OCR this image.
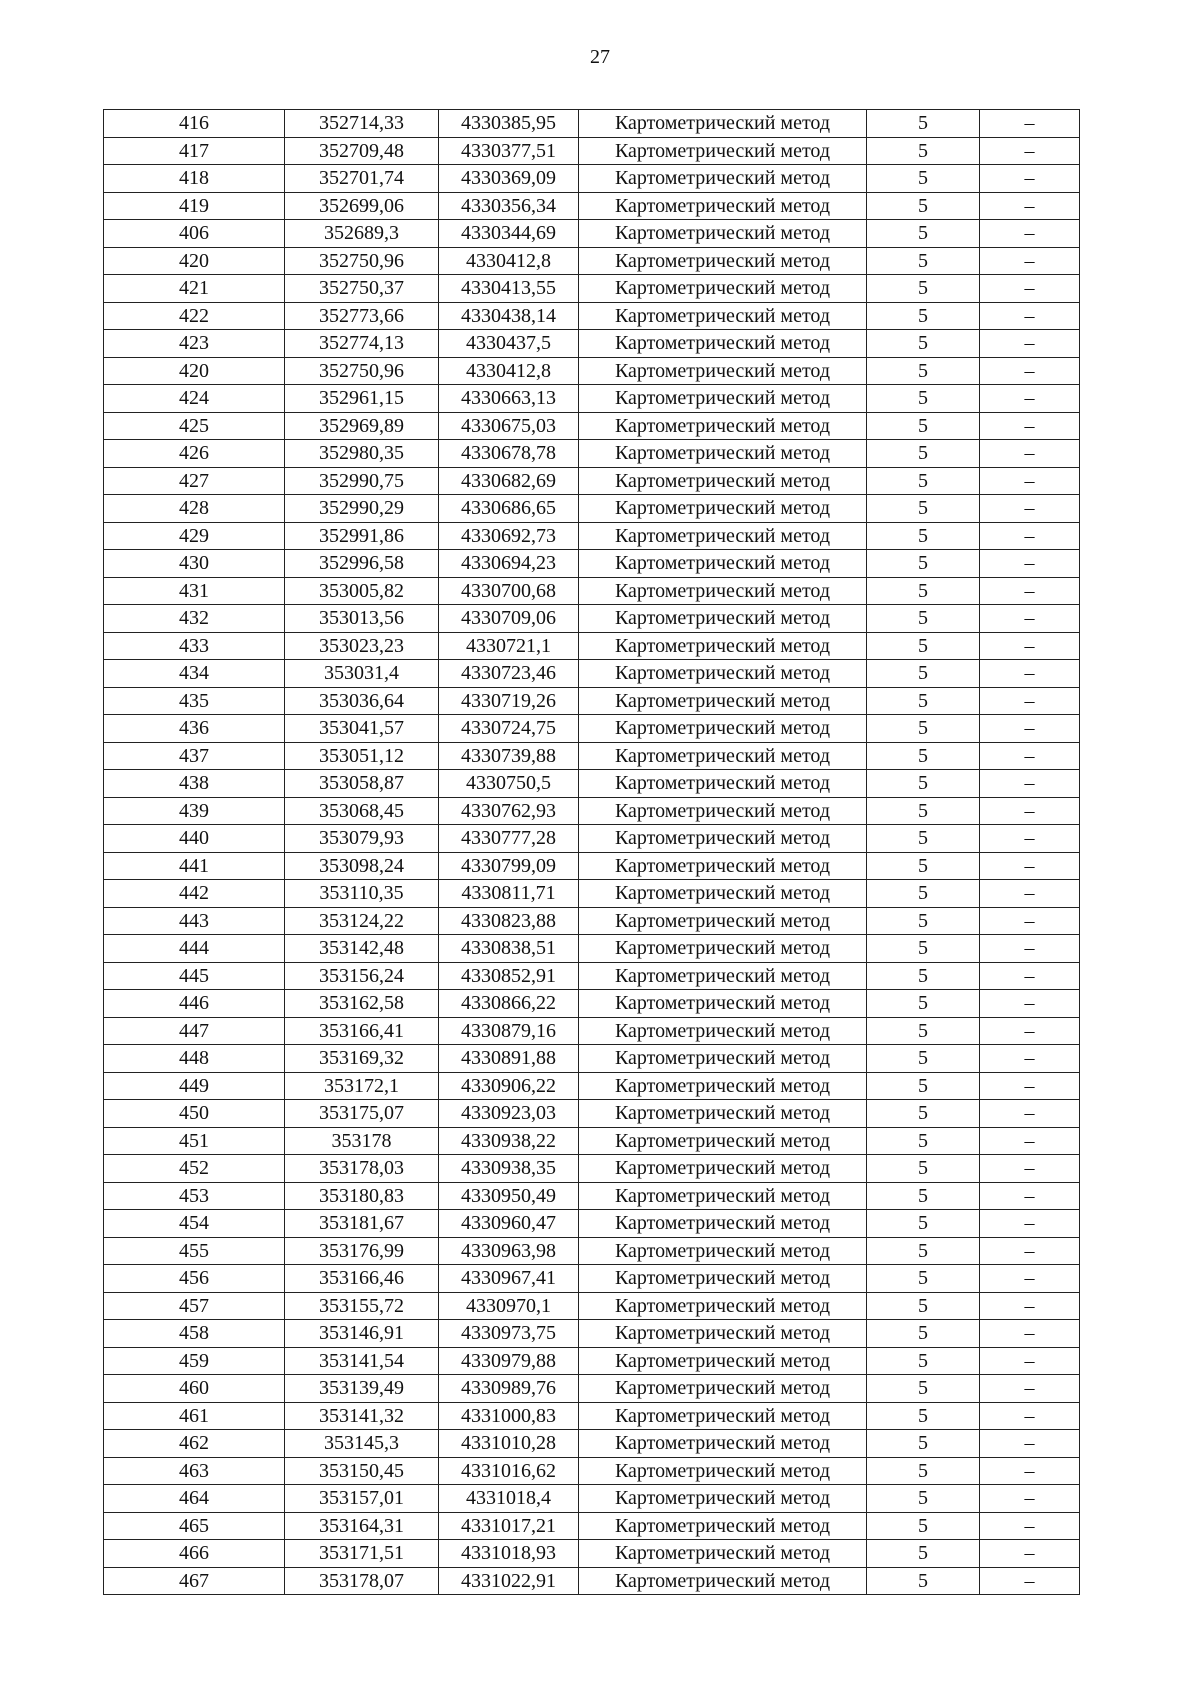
27
416	352714,33	4330385,95	Картометрический метод	5	–
417	352709,48	4330377,51	Картометрический метод	5	–
418	352701,74	4330369,09	Картометрический метод	5	–
419	352699,06	4330356,34	Картометрический метод	5	–
406	352689,3	4330344,69	Картометрический метод	5	–
420	352750,96	4330412,8	Картометрический метод	5	–
421	352750,37	4330413,55	Картометрический метод	5	–
422	352773,66	4330438,14	Картометрический метод	5	–
423	352774,13	4330437,5	Картометрический метод	5	–
420	352750,96	4330412,8	Картометрический метод	5	–
424	352961,15	4330663,13	Картометрический метод	5	–
425	352969,89	4330675,03	Картометрический метод	5	–
426	352980,35	4330678,78	Картометрический метод	5	–
427	352990,75	4330682,69	Картометрический метод	5	–
428	352990,29	4330686,65	Картометрический метод	5	–
429	352991,86	4330692,73	Картометрический метод	5	–
430	352996,58	4330694,23	Картометрический метод	5	–
431	353005,82	4330700,68	Картометрический метод	5	–
432	353013,56	4330709,06	Картометрический метод	5	–
433	353023,23	4330721,1	Картометрический метод	5	–
434	353031,4	4330723,46	Картометрический метод	5	–
435	353036,64	4330719,26	Картометрический метод	5	–
436	353041,57	4330724,75	Картометрический метод	5	–
437	353051,12	4330739,88	Картометрический метод	5	–
438	353058,87	4330750,5	Картометрический метод	5	–
439	353068,45	4330762,93	Картометрический метод	5	–
440	353079,93	4330777,28	Картометрический метод	5	–
441	353098,24	4330799,09	Картометрический метод	5	–
442	353110,35	4330811,71	Картометрический метод	5	–
443	353124,22	4330823,88	Картометрический метод	5	–
444	353142,48	4330838,51	Картометрический метод	5	–
445	353156,24	4330852,91	Картометрический метод	5	–
446	353162,58	4330866,22	Картометрический метод	5	–
447	353166,41	4330879,16	Картометрический метод	5	–
448	353169,32	4330891,88	Картометрический метод	5	–
449	353172,1	4330906,22	Картометрический метод	5	–
450	353175,07	4330923,03	Картометрический метод	5	–
451	353178	4330938,22	Картометрический метод	5	–
452	353178,03	4330938,35	Картометрический метод	5	–
453	353180,83	4330950,49	Картометрический метод	5	–
454	353181,67	4330960,47	Картометрический метод	5	–
455	353176,99	4330963,98	Картометрический метод	5	–
456	353166,46	4330967,41	Картометрический метод	5	–
457	353155,72	4330970,1	Картометрический метод	5	–
458	353146,91	4330973,75	Картометрический метод	5	–
459	353141,54	4330979,88	Картометрический метод	5	–
460	353139,49	4330989,76	Картометрический метод	5	–
461	353141,32	4331000,83	Картометрический метод	5	–
462	353145,3	4331010,28	Картометрический метод	5	–
463	353150,45	4331016,62	Картометрический метод	5	–
464	353157,01	4331018,4	Картометрический метод	5	–
465	353164,31	4331017,21	Картометрический метод	5	–
466	353171,51	4331018,93	Картометрический метод	5	–
467	353178,07	4331022,91	Картометрический метод	5	–
